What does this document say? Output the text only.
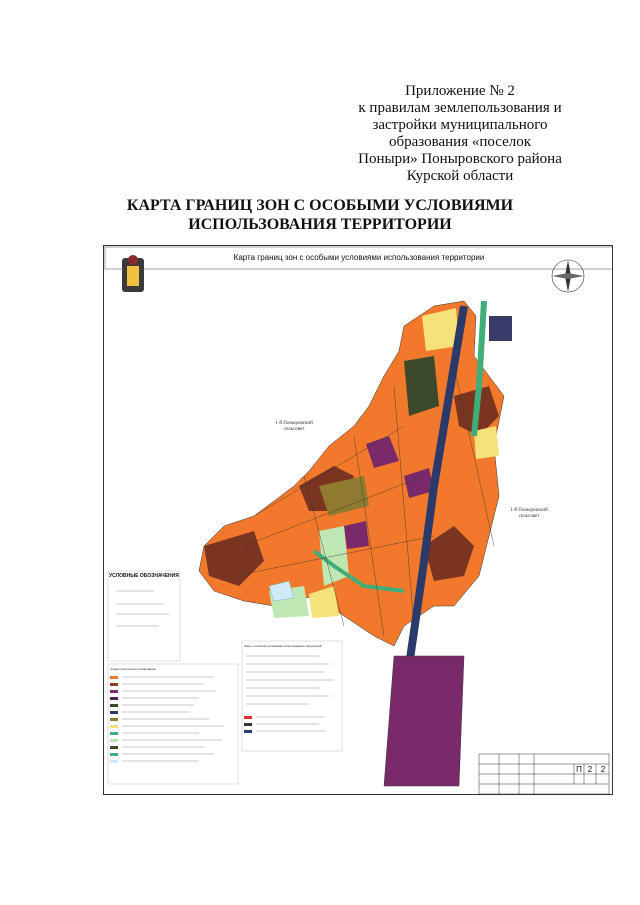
Приложение № 2
к правилам землепользования и
застройки муниципального
образования «поселок
Поныри» Поныровского района
Курской области
КАРТА ГРАНИЦ ЗОН С ОСОБЫМИ УСЛОВИЯМИ
ИСПОЛЬЗОВАНИЯ ТЕРРИТОРИИ
Карта границ зон с особыми условиями использования территории
1-й Поныровский
сельсовет
1-й Поныровский
сельсовет
УСЛОВНЫЕ ОБОЗНАЧЕНИЯ
Градостроительное зонирование
Зоны с особыми условиями использования территорий
П 2	2
